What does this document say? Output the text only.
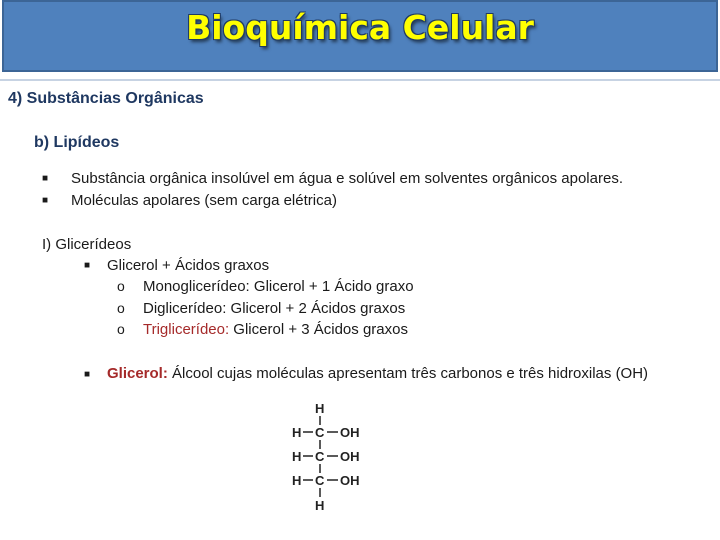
Bioquímica Celular
4) Substâncias Orgânicas
b) Lipídeos
■ Substância orgânica insolúvel em água e solúvel em solventes orgânicos apolares.
■ Moléculas apolares (sem carga elétrica)
I) Glicerídeos
■ Glicerol + Ácidos graxos
o Monoglicerídeo: Glicerol + 1 Ácido graxo
o Diglicerídeo: Glicerol + 2 Ácidos graxos
o Triglicerídeo: Glicerol + 3 Ácidos graxos
■ Glicerol: Álcool cujas moléculas apresentam três carbonos e três hidroxilas (OH)
H
H C OH
H C OH
H C OH
H
